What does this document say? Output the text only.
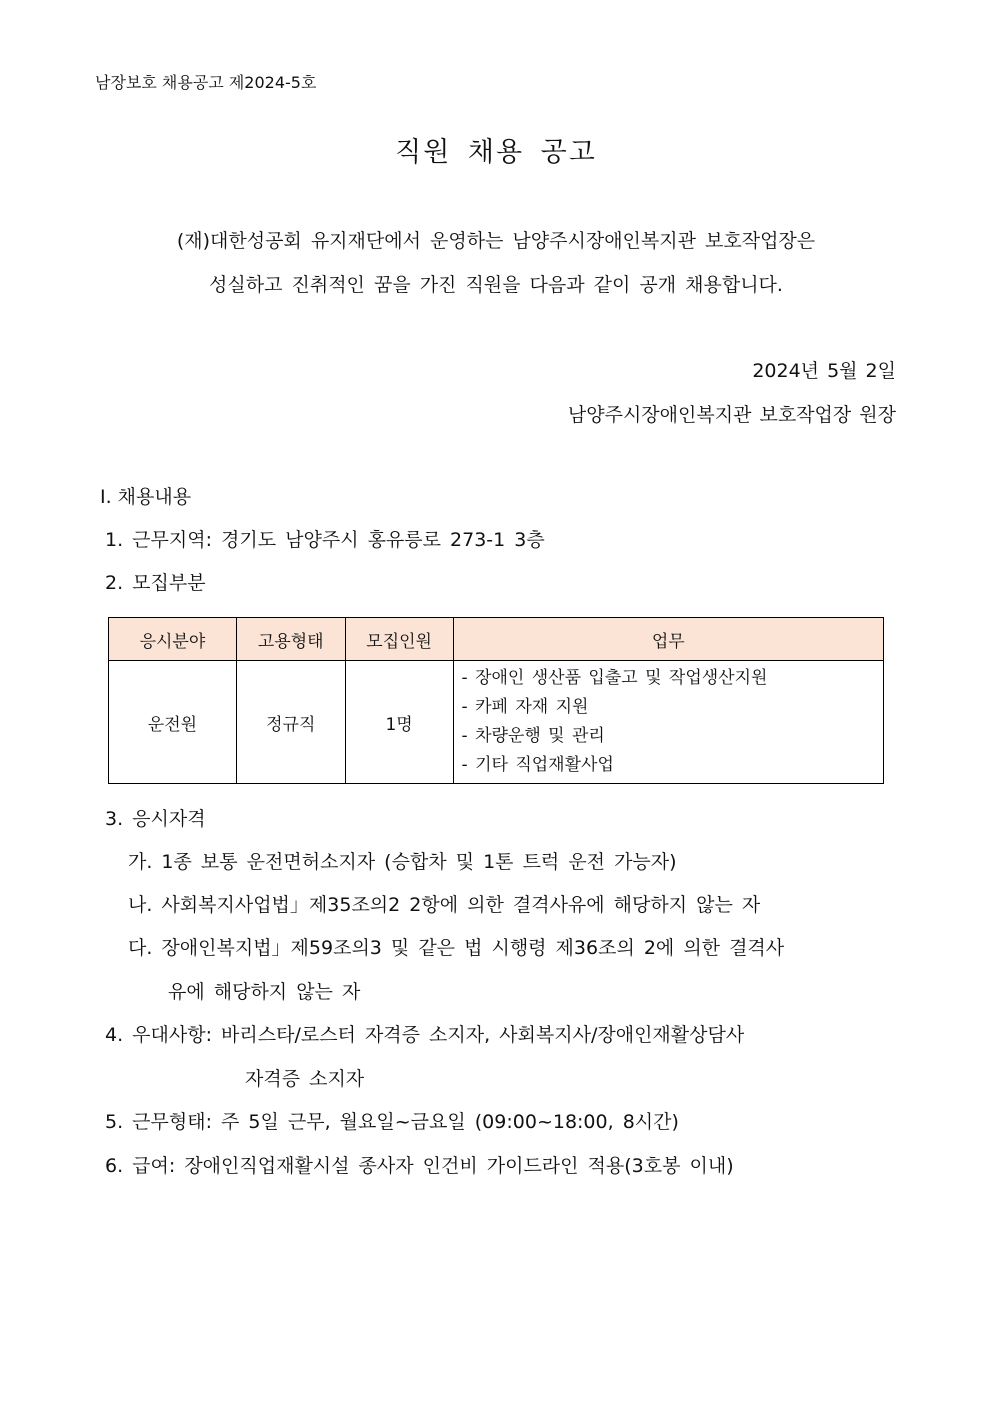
남장보호 채용공고 제2024-5호
직원 채용 공고
(재)대한성공회 유지재단에서 운영하는 남양주시장애인복지관 보호작업장은
성실하고 진취적인 꿈을 가진 직원을 다음과 같이 공개 채용합니다.
2024년 5월 2일
남양주시장애인복지관 보호작업장 원장
Ⅰ. 채용내용
1. 근무지역: 경기도 남양주시 홍유릉로 273-1 3층
2. 모집부분
응시분야	고용형태	모집인원	업무
운전원	정규직	1명	- 장애인 생산품 입출고 및 작업생산지원
- 카페 자재 지원
- 차량운행 및 관리
- 기타 직업재활사업
3. 응시자격
가. 1종 보통 운전면허소지자 (승합차 및 1톤 트럭 운전 가능자)
나. 사회복지사업법」제35조의2 2항에 의한 결격사유에 해당하지 않는 자
다. 장애인복지법」제59조의3 및 같은 법 시행령 제36조의 2에 의한 결격사
유에 해당하지 않는 자
4. 우대사항: 바리스타/로스터 자격증 소지자, 사회복지사/장애인재활상담사
자격증 소지자
5. 근무형태: 주 5일 근무, 월요일~금요일 (09:00~18:00, 8시간)
6. 급여: 장애인직업재활시설 종사자 인건비 가이드라인 적용(3호봉 이내)
